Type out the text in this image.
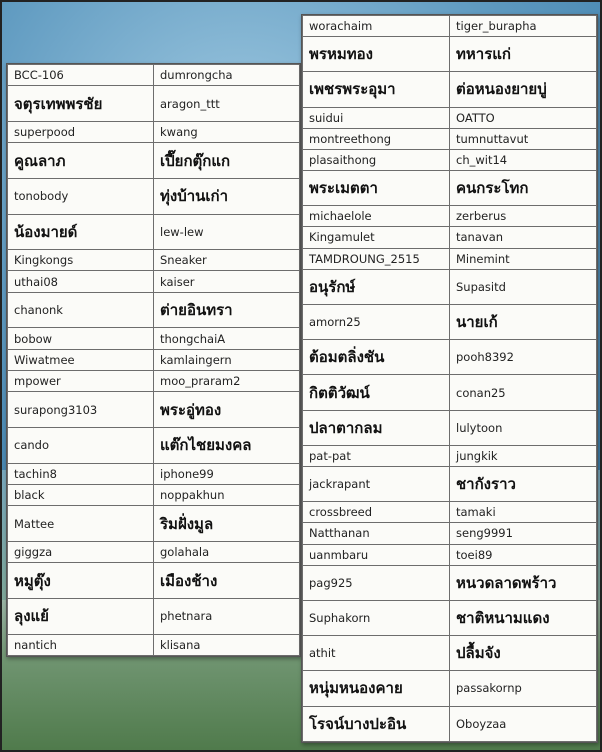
BCC-106	dumrongcha
จตุรเทพพรชัย	aragon_ttt
superpood	kwang
คูณลาภ	เปี๊ยกตุ๊กแก
tonobody	ทุ่งบ้านเก่า
น้องมายด์	lew-lew
Kingkongs	Sneaker
uthai08	kaiser
chanonk	ต่ายอินทรา
bobow	thongchaiA
Wiwatmee	kamlaingern
mpower	moo_praram2
surapong3103	พระอู่ทอง
cando	แต๊กไชยมงคล
tachin8	iphone99
black	noppakhun
Mattee	ริมฝั่งมูล
giggza	golahala
หมูตุ๊ง	เมืองช้าง
ลุงแย้	phetnara
nantich	klisana
worachaim	tiger_burapha
พรหมทอง	ทหารแก่
เพชรพระอุมา	ต่อหนองยายบู่
suidui	OATTO
montreethong	tumnuttavut
plasaithong	ch_wit14
พระเมตตา	คนกระโทก
michaelole	zerberus
Kingamulet	tanavan
TAMDROUNG_2515	Minemint
อนุรักษ์	Supasitd
amorn25	นายเก้
ต้อมตลิ่งชัน	pooh8392
กิตติวัฒน์	conan25
ปลาตากลม	lulytoon
pat-pat	jungkik
jackrapant	ชากังราว
crossbreed	tamaki
Natthanan	seng9991
uanmbaru	toei89
pag925	หนวดลาดพร้าว
Suphakorn	ชาติหนามแดง
athit	ปลื้มจัง
หนุ่มหนองคาย	passakornp
โรจน์บางปะอิน	Oboyzaa
